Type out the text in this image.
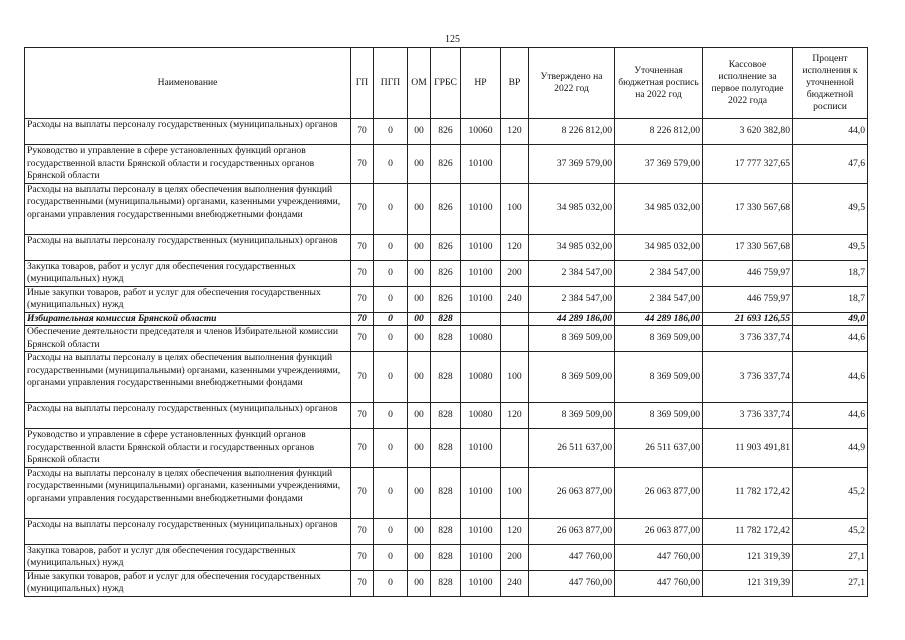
125
Наименование	ГП	ПГП	ОМ	ГРБС	НР	ВР	Утверждено на 2022 год	Уточненная бюджетная роспись на 2022 год	Кассовое исполнение за первое полугодие 2022 года	Процент исполнения к уточненной бюджетной росписи
Расходы на выплаты персоналу государственных (муниципальных) органов	70	0	00	826	10060	120	8 226 812,00	8 226 812,00	3 620 382,80	44,0
Руководство и управление в сфере установленных функций органов государственной власти Брянской области и государственных органов Брянской области	70	0	00	826	10100		37 369 579,00	37 369 579,00	17 777 327,65	47,6
Расходы на выплаты персоналу в целях обеспечения выполнения функций государственными (муниципальными) органами, казенными учреждениями, органами управления государственными внебюджетными фондами	70	0	00	826	10100	100	34 985 032,00	34 985 032,00	17 330 567,68	49,5
Расходы на выплаты персоналу государственных (муниципальных) органов	70	0	00	826	10100	120	34 985 032,00	34 985 032,00	17 330 567,68	49,5
Закупка товаров, работ и услуг для обеспечения государственных (муниципальных) нужд	70	0	00	826	10100	200	2 384 547,00	2 384 547,00	446 759,97	18,7
Иные закупки товаров, работ и услуг для обеспечения государственных (муниципальных) нужд	70	0	00	826	10100	240	2 384 547,00	2 384 547,00	446 759,97	18,7
Избирательная комиссия Брянской области	70	0	00	828			44 289 186,00	44 289 186,00	21 693 126,55	49,0
Обеспечение деятельности председателя и членов Избирательной комиссии Брянской области	70	0	00	828	10080		8 369 509,00	8 369 509,00	3 736 337,74	44,6
Расходы на выплаты персоналу в целях обеспечения выполнения функций государственными (муниципальными) органами, казенными учреждениями, органами управления государственными внебюджетными фондами	70	0	00	828	10080	100	8 369 509,00	8 369 509,00	3 736 337,74	44,6
Расходы на выплаты персоналу государственных (муниципальных) органов	70	0	00	828	10080	120	8 369 509,00	8 369 509,00	3 736 337,74	44,6
Руководство и управление в сфере установленных функций органов государственной власти Брянской области и государственных органов Брянской области	70	0	00	828	10100		26 511 637,00	26 511 637,00	11 903 491,81	44,9
Расходы на выплаты персоналу в целях обеспечения выполнения функций государственными (муниципальными) органами, казенными учреждениями, органами управления государственными внебюджетными фондами	70	0	00	828	10100	100	26 063 877,00	26 063 877,00	11 782 172,42	45,2
Расходы на выплаты персоналу государственных (муниципальных) органов	70	0	00	828	10100	120	26 063 877,00	26 063 877,00	11 782 172,42	45,2
Закупка товаров, работ и услуг для обеспечения государственных (муниципальных) нужд	70	0	00	828	10100	200	447 760,00	447 760,00	121 319,39	27,1
Иные закупки товаров, работ и услуг для обеспечения государственных (муниципальных) нужд	70	0	00	828	10100	240	447 760,00	447 760,00	121 319,39	27,1
